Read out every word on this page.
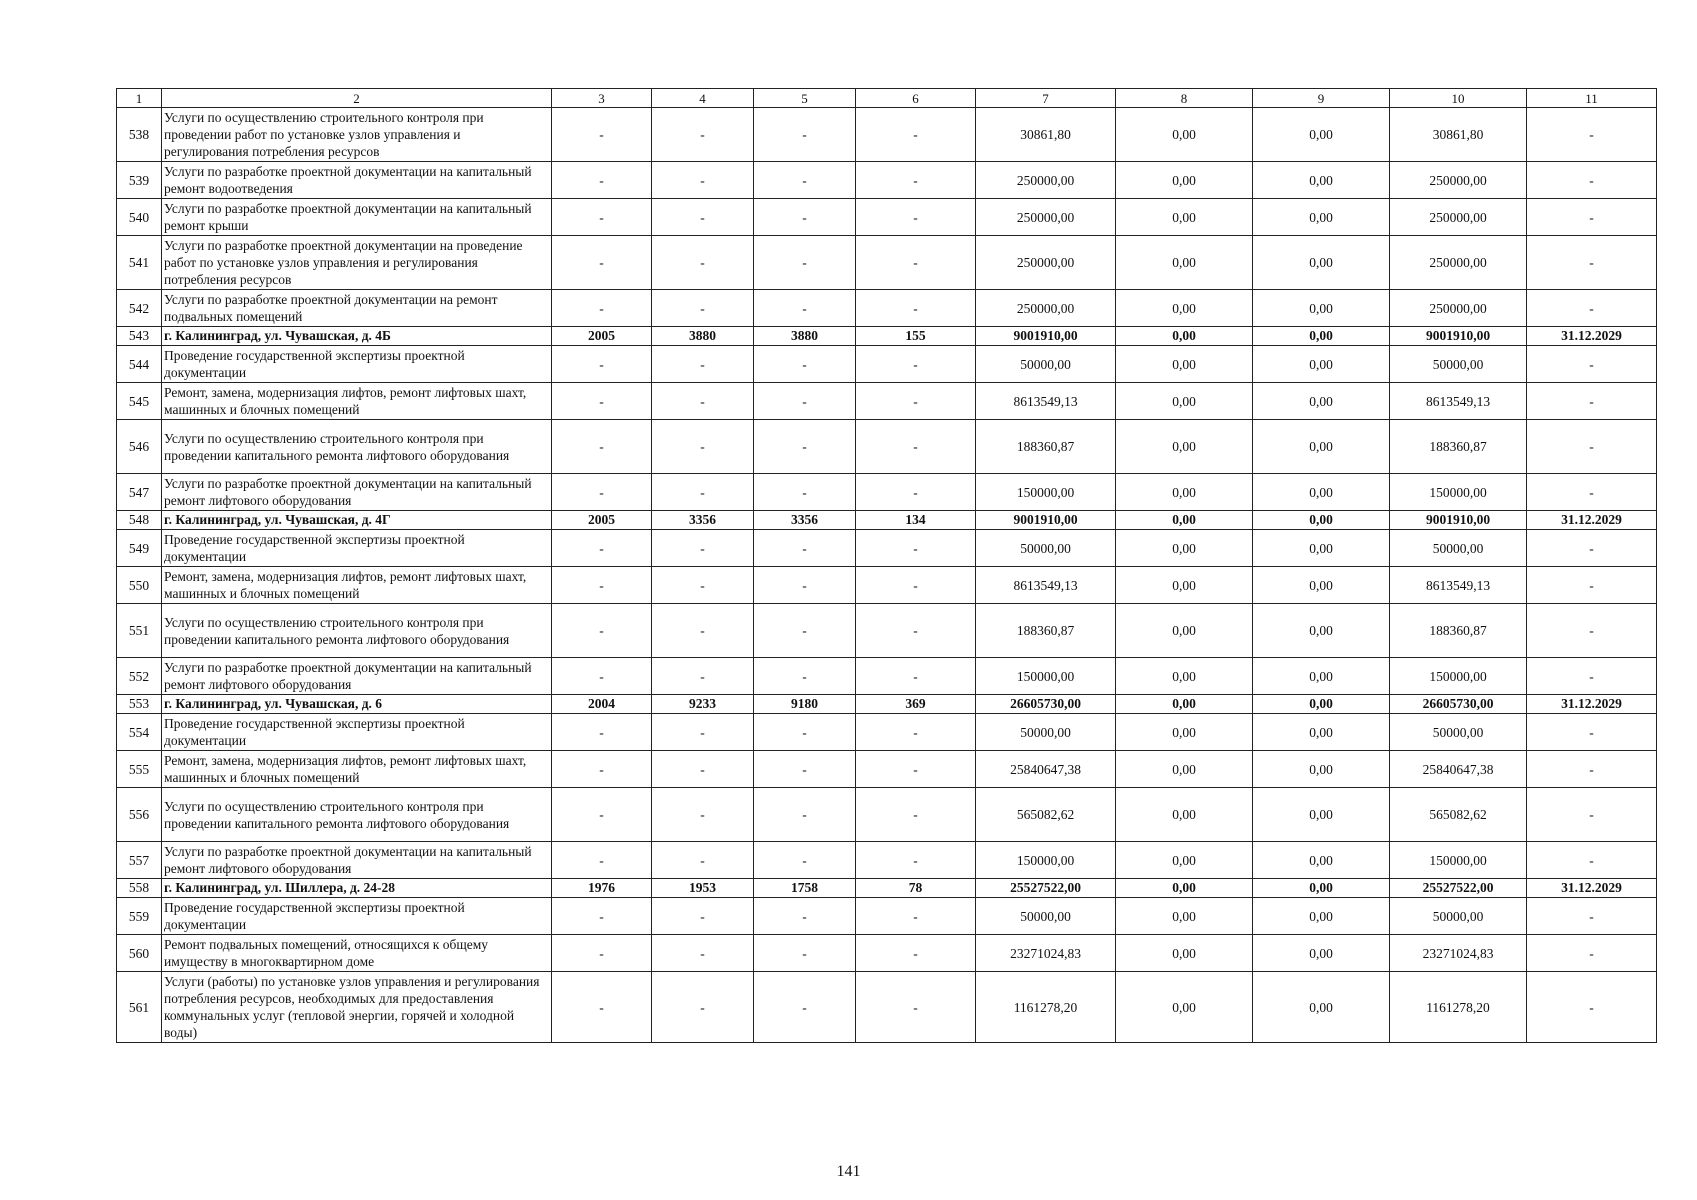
1	2	3	4	5	6	7	8	9	10	11
538	Услуги по осуществлению строительного контроля при проведении работ по установке узлов управления и регулирования потребления ресурсов	-	-	-	-	30861,80	0,00	0,00	30861,80	-
539	Услуги по разработке проектной документации на капитальный ремонт водоотведения	-	-	-	-	250000,00	0,00	0,00	250000,00	-
540	Услуги по разработке проектной документации на капитальный ремонт крыши	-	-	-	-	250000,00	0,00	0,00	250000,00	-
541	Услуги по разработке проектной документации на проведение работ по установке узлов управления и регулирования потребления ресурсов	-	-	-	-	250000,00	0,00	0,00	250000,00	-
542	Услуги по разработке проектной документации на ремонт подвальных помещений	-	-	-	-	250000,00	0,00	0,00	250000,00	-
543	г. Калининград, ул. Чувашская, д. 4Б	2005	3880	3880	155	9001910,00	0,00	0,00	9001910,00	31.12.2029
544	Проведение государственной экспертизы проектной документации	-	-	-	-	50000,00	0,00	0,00	50000,00	-
545	Ремонт, замена, модернизация лифтов, ремонт лифтовых шахт, машинных и блочных помещений	-	-	-	-	8613549,13	0,00	0,00	8613549,13	-
546	Услуги по осуществлению строительного контроля при проведении капитального ремонта лифтового оборудования	-	-	-	-	188360,87	0,00	0,00	188360,87	-
547	Услуги по разработке проектной документации на капитальный ремонт лифтового оборудования	-	-	-	-	150000,00	0,00	0,00	150000,00	-
548	г. Калининград, ул. Чувашская, д. 4Г	2005	3356	3356	134	9001910,00	0,00	0,00	9001910,00	31.12.2029
549	Проведение государственной экспертизы проектной документации	-	-	-	-	50000,00	0,00	0,00	50000,00	-
550	Ремонт, замена, модернизация лифтов, ремонт лифтовых шахт, машинных и блочных помещений	-	-	-	-	8613549,13	0,00	0,00	8613549,13	-
551	Услуги по осуществлению строительного контроля при проведении капитального ремонта лифтового оборудования	-	-	-	-	188360,87	0,00	0,00	188360,87	-
552	Услуги по разработке проектной документации на капитальный ремонт лифтового оборудования	-	-	-	-	150000,00	0,00	0,00	150000,00	-
553	г. Калининград, ул. Чувашская, д. 6	2004	9233	9180	369	26605730,00	0,00	0,00	26605730,00	31.12.2029
554	Проведение государственной экспертизы проектной документации	-	-	-	-	50000,00	0,00	0,00	50000,00	-
555	Ремонт, замена, модернизация лифтов, ремонт лифтовых шахт, машинных и блочных помещений	-	-	-	-	25840647,38	0,00	0,00	25840647,38	-
556	Услуги по осуществлению строительного контроля при проведении капитального ремонта лифтового оборудования	-	-	-	-	565082,62	0,00	0,00	565082,62	-
557	Услуги по разработке проектной документации на капитальный ремонт лифтового оборудования	-	-	-	-	150000,00	0,00	0,00	150000,00	-
558	г. Калининград, ул. Шиллера, д. 24-28	1976	1953	1758	78	25527522,00	0,00	0,00	25527522,00	31.12.2029
559	Проведение государственной экспертизы проектной документации	-	-	-	-	50000,00	0,00	0,00	50000,00	-
560	Ремонт подвальных помещений, относящихся к общему имуществу в многоквартирном доме	-	-	-	-	23271024,83	0,00	0,00	23271024,83	-
561	Услуги (работы) по установке узлов управления и регулирования потребления ресурсов, необходимых для предоставления коммунальных услуг (тепловой энергии, горячей и холодной воды)	-	-	-	-	1161278,20	0,00	0,00	1161278,20	-
141
